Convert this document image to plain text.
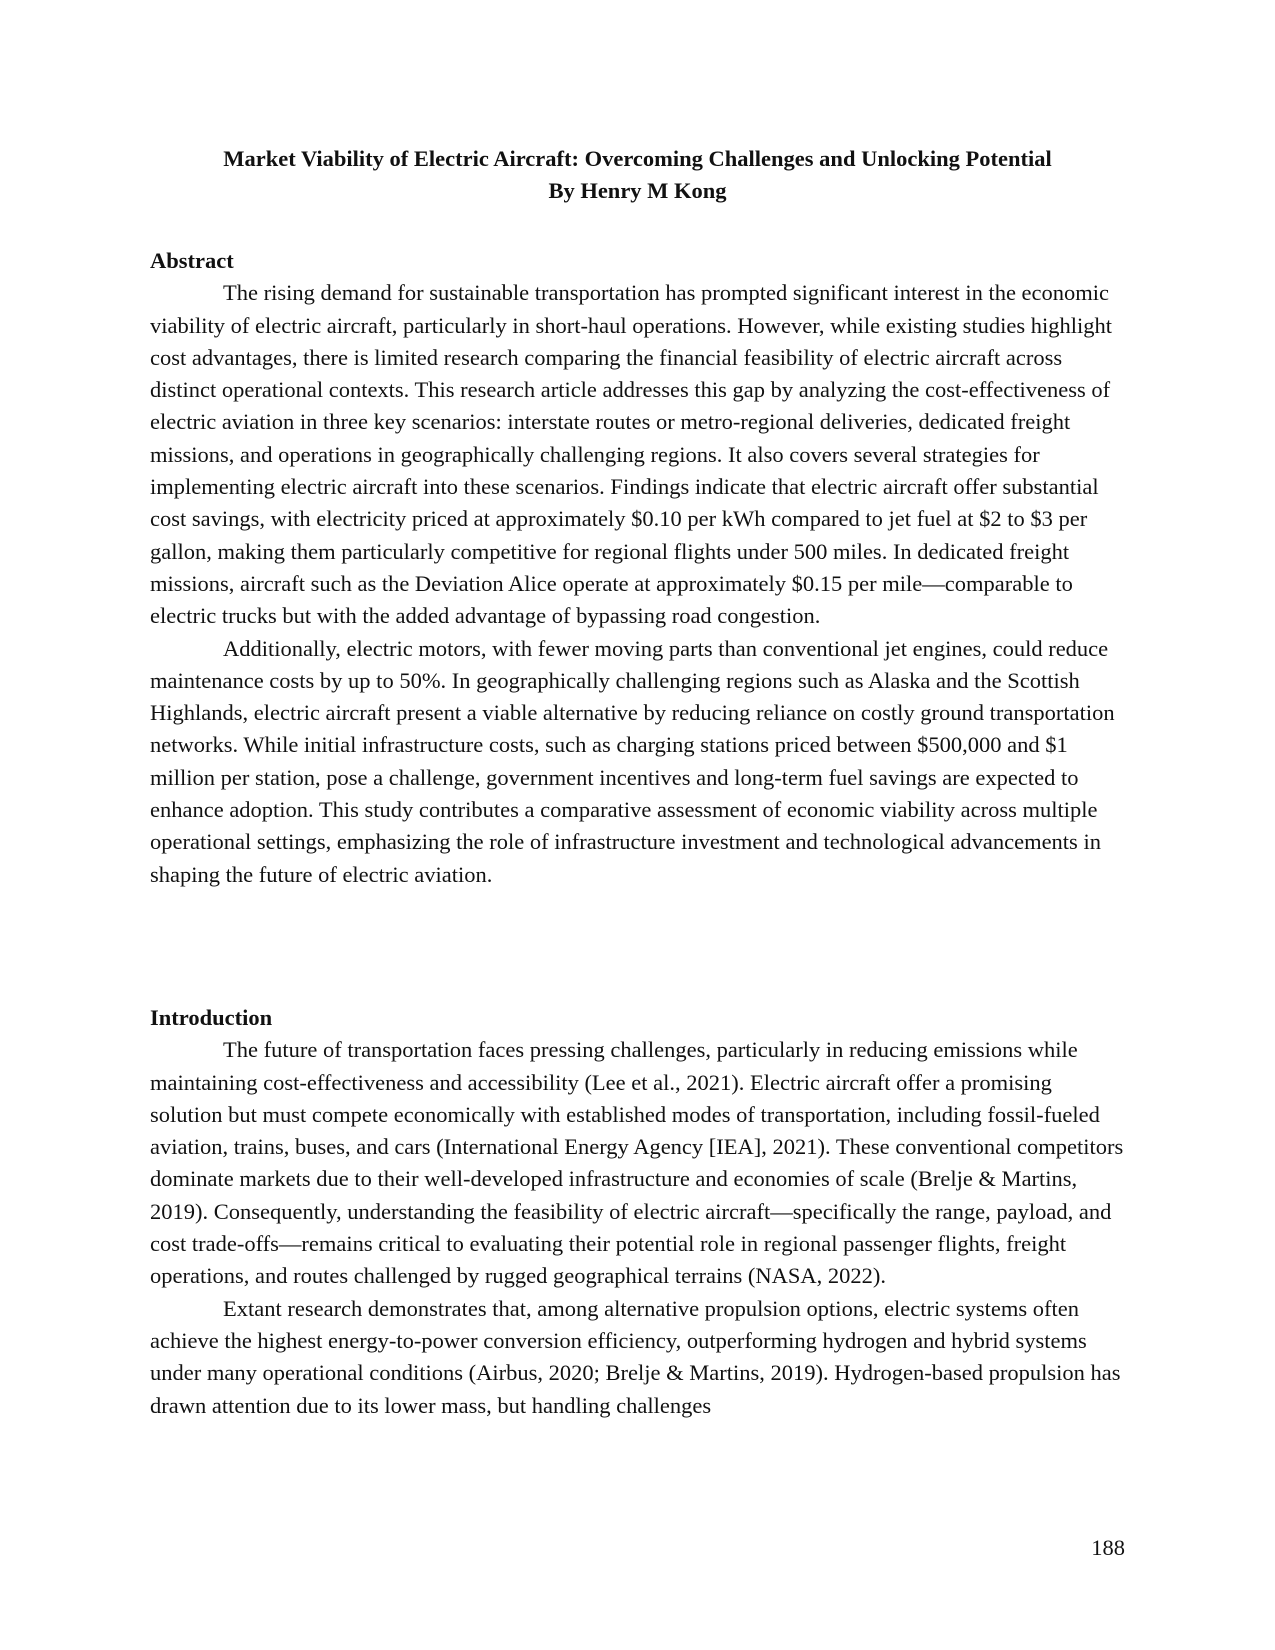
Market Viability of Electric Aircraft: Overcoming Challenges and Unlocking Potential
By Henry M Kong

Abstract

The rising demand for sustainable transportation has prompted significant interest in the economic viability of electric aircraft, particularly in short-haul operations. However, while existing studies highlight cost advantages, there is limited research comparing the financial feasibility of electric aircraft across distinct operational contexts. This research article addresses this gap by analyzing the cost-effectiveness of electric aviation in three key scenarios: interstate routes or metro-regional deliveries, dedicated freight missions, and operations in geographically challenging regions. It also covers several strategies for implementing electric aircraft into these scenarios. Findings indicate that electric aircraft offer substantial cost savings, with electricity priced at approximately $0.10 per kWh compared to jet fuel at $2 to $3 per gallon, making them particularly competitive for regional flights under 500 miles. In dedicated freight missions, aircraft such as the Deviation Alice operate at approximately $0.15 per mile—comparable to electric trucks but with the added advantage of bypassing road congestion.

Additionally, electric motors, with fewer moving parts than conventional jet engines, could reduce maintenance costs by up to 50%. In geographically challenging regions such as Alaska and the Scottish Highlands, electric aircraft present a viable alternative by reducing reliance on costly ground transportation networks. While initial infrastructure costs, such as charging stations priced between $500,000 and $1 million per station, pose a challenge, government incentives and long-term fuel savings are expected to enhance adoption. This study contributes a comparative assessment of economic viability across multiple operational settings, emphasizing the role of infrastructure investment and technological advancements in shaping the future of electric aviation.

Introduction

The future of transportation faces pressing challenges, particularly in reducing emissions while maintaining cost-effectiveness and accessibility (Lee et al., 2021). Electric aircraft offer a promising solution but must compete economically with established modes of transportation, including fossil-fueled aviation, trains, buses, and cars (International Energy Agency [IEA], 2021). These conventional competitors dominate markets due to their well-developed infrastructure and economies of scale (Brelje & Martins, 2019). Consequently, understanding the feasibility of electric aircraft—specifically the range, payload, and cost trade-offs—remains critical to evaluating their potential role in regional passenger flights, freight operations, and routes challenged by rugged geographical terrains (NASA, 2022).

Extant research demonstrates that, among alternative propulsion options, electric systems often achieve the highest energy-to-power conversion efficiency, outperforming hydrogen and hybrid systems under many operational conditions (Airbus, 2020; Brelje & Martins, 2019). Hydrogen-based propulsion has drawn attention due to its lower mass, but handling challenges

188
